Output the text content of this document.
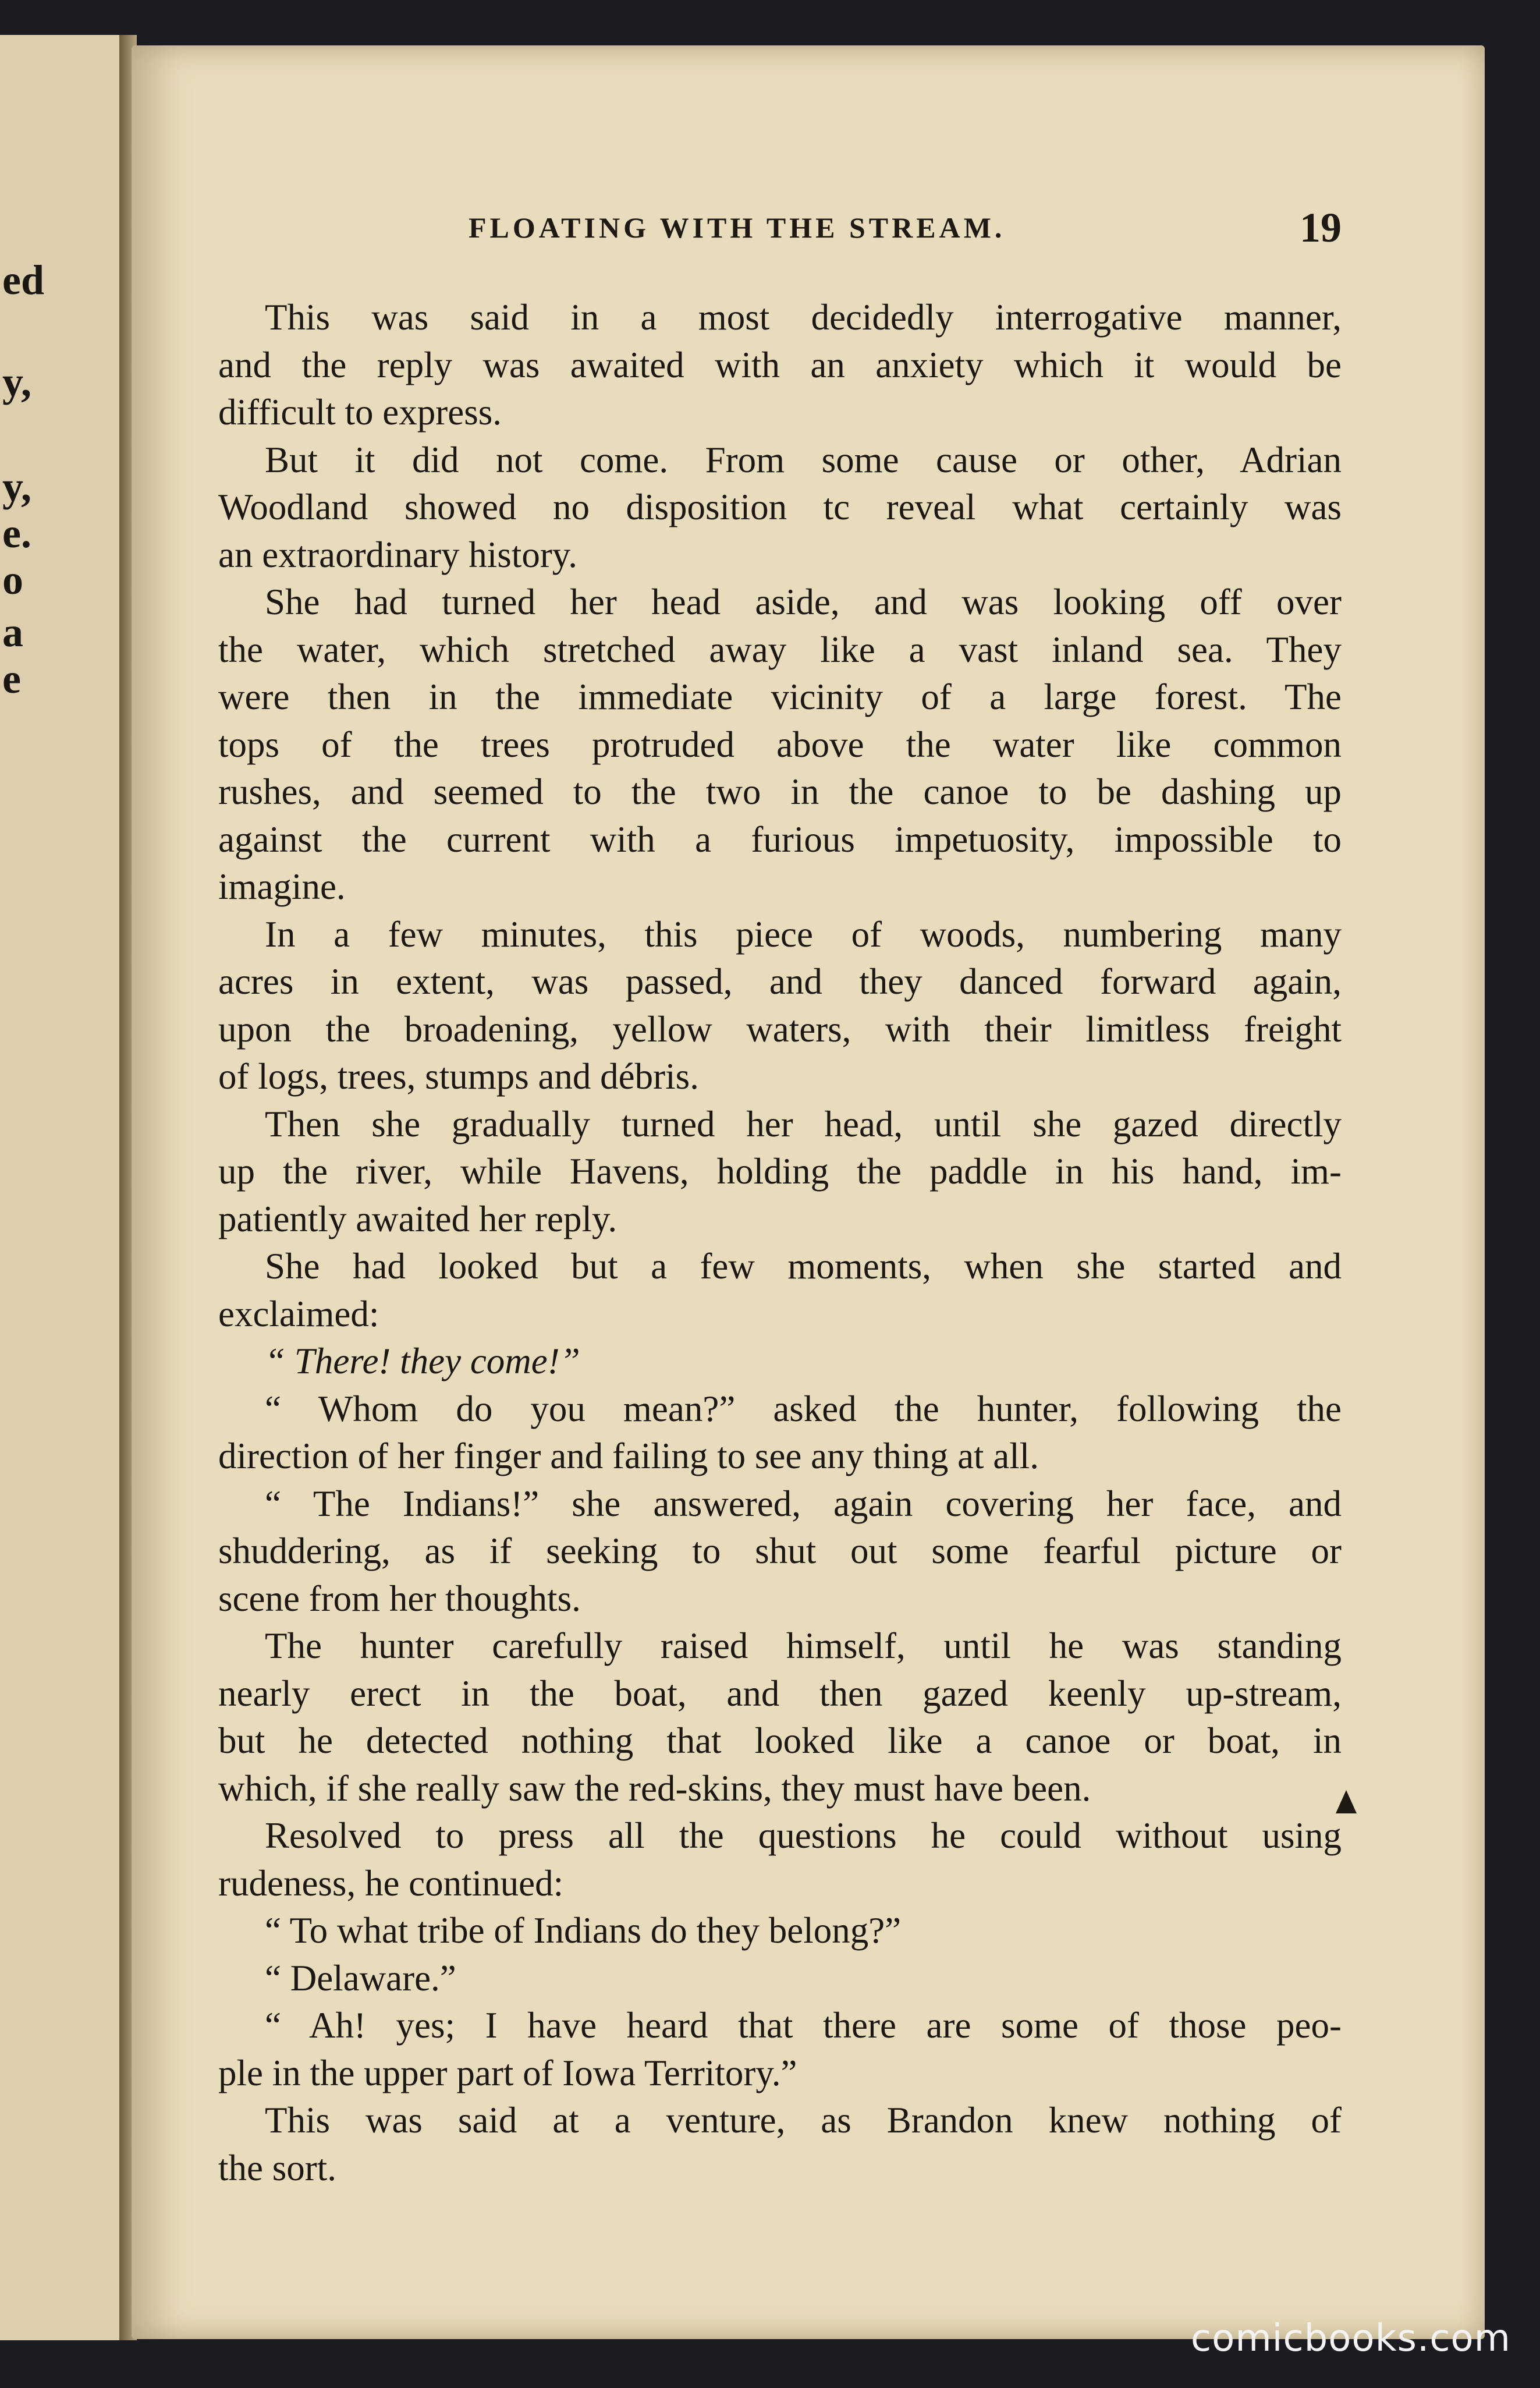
ed
y,
y,
e.
o
a
e
FLOATING WITH THE STREAM.	19
This was said in a most decidedly interrogative manner,
and the reply was awaited with an anxiety which it would be
difficult to express.
But it did not come. From some cause or other, Adrian
Woodland showed no disposition tc reveal what certainly was
an extraordinary history.
She had turned her head aside, and was looking off over
the water, which stretched away like a vast inland sea. They
were then in the immediate vicinity of a large forest. The
tops of the trees protruded above the water like common
rushes, and seemed to the two in the canoe to be dashing up
against the current with a furious impetuosity, impossible to
imagine.
In a few minutes, this piece of woods, numbering many
acres in extent, was passed, and they danced forward again,
upon the broadening, yellow waters, with their limitless freight
of logs, trees, stumps and débris.
Then she gradually turned her head, until she gazed directly
up the river, while Havens, holding the paddle in his hand, im-
patiently awaited her reply.
She had looked but a few moments, when she started and
exclaimed:
“ There! they come!”
“ Whom do you mean?” asked the hunter, following the
direction of her finger and failing to see any thing at all.
“ The Indians!” she answered, again covering her face, and
shuddering, as if seeking to shut out some fearful picture or
scene from her thoughts.
The hunter carefully raised himself, until he was standing
nearly erect in the boat, and then gazed keenly up-stream,
but he detected nothing that looked like a canoe or boat, in
which, if she really saw the red-skins, they must have been.
Resolved to press all the questions he could without using
rudeness, he continued:
“ To what tribe of Indians do they belong?”
“ Delaware.”
“ Ah! yes; I have heard that there are some of those peo-
ple in the upper part of Iowa Territory.”
This was said at a venture, as Brandon knew nothing of
the sort.
comicbooks.com
